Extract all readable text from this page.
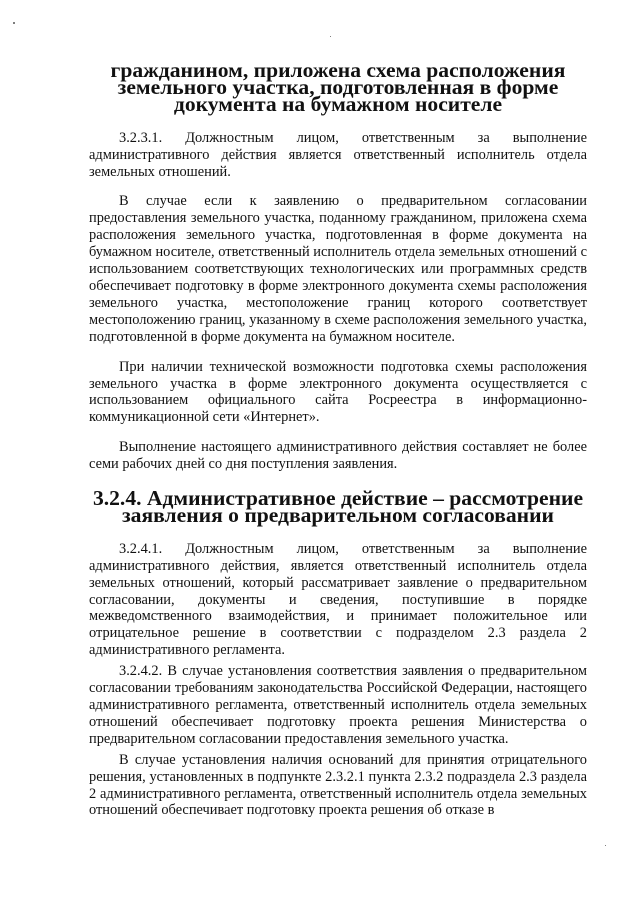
гражданином, приложена схема расположения земельного участка, подготовленная в форме документа на бумажном носителе

3.2.3.1. Должностным лицом, ответственным за выполнение административного действия является ответственный исполнитель отдела земельных отношений.

В случае если к заявлению о предварительном согласовании предоставления земельного участка, поданному гражданином, приложена схема расположения земельного участка, подготовленная в форме документа на бумажном носителе, ответственный исполнитель отдела земельных отношений с использованием соответствующих технологических или программных средств обеспечивает подготовку в форме электронного документа схемы расположения земельного участка, местоположение границ которого соответствует местоположению границ, указанному в схеме расположения земельного участка, подготовленной в форме документа на бумажном носителе.

При наличии технической возможности подготовка схемы расположения земельного участка в форме электронного документа осуществляется с использованием официального сайта Росреестра в информационно-коммуникационной сети «Интернет».

Выполнение настоящего административного действия составляет не более семи рабочих дней со дня поступления заявления.

3.2.4. Административное действие – рассмотрение заявления о предварительном согласовании

3.2.4.1. Должностным лицом, ответственным за выполнение административного действия, является ответственный исполнитель отдела земельных отношений, который рассматривает заявление о предварительном согласовании, документы и сведения, поступившие в порядке межведомственного взаимодействия, и принимает положительное или отрицательное решение в соответствии с подразделом 2.3 раздела 2 административного регламента.

3.2.4.2. В случае установления соответствия заявления о предварительном согласовании требованиям законодательства Российской Федерации, настоящего административного регламента, ответственный исполнитель отдела земельных отношений обеспечивает подготовку проекта решения Министерства о предварительном согласовании предоставления земельного участка.

В случае установления наличия оснований для принятия отрицательного решения, установленных в подпункте 2.3.2.1 пункта 2.3.2 подраздела 2.3 раздела 2 административного регламента, ответственный исполнитель отдела земельных отношений обеспечивает подготовку проекта решения об отказе в
